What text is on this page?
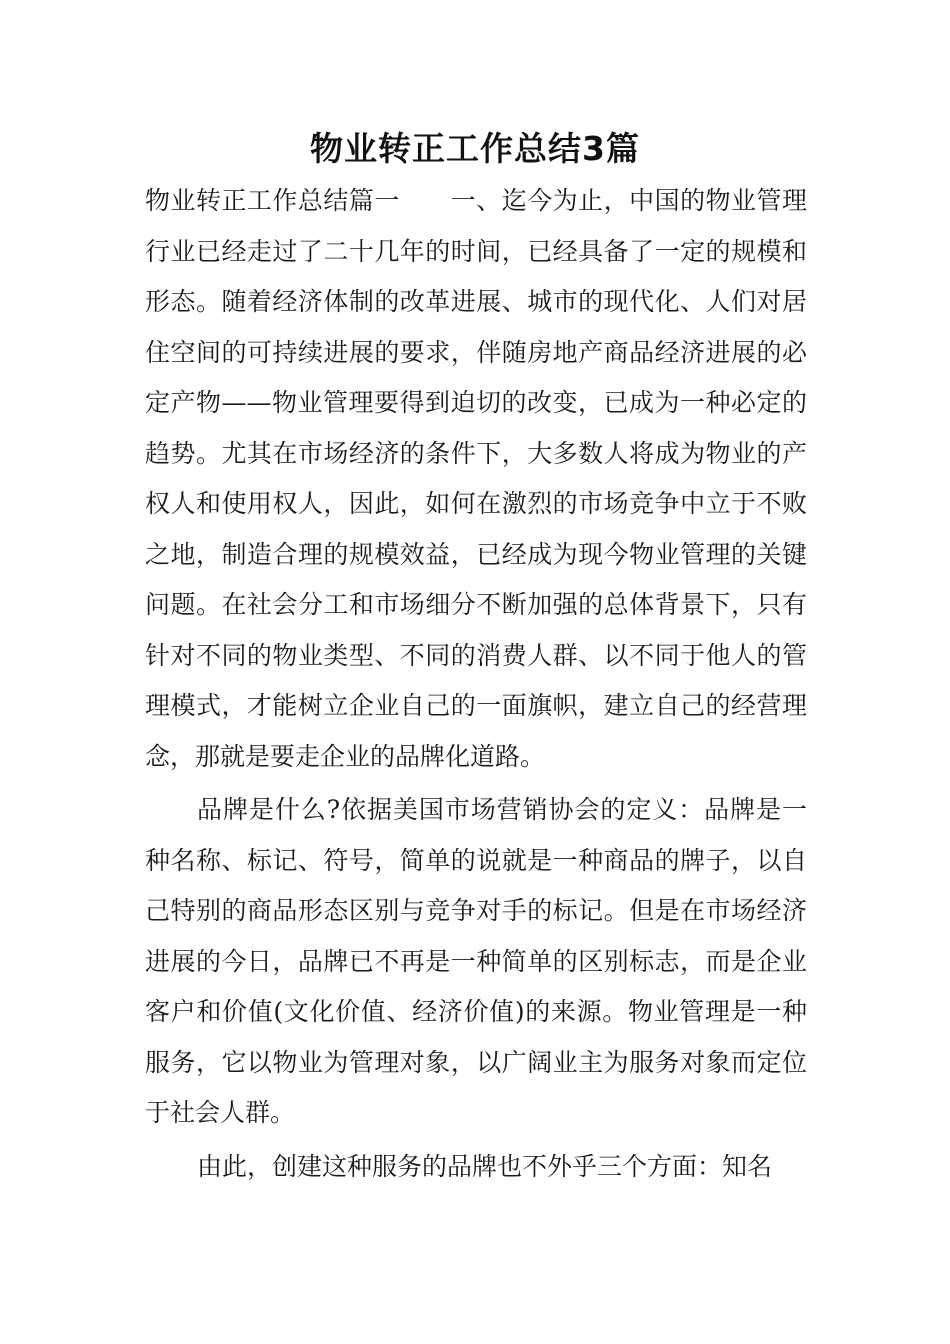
物业转正工作总结3篇

物业转正工作总结篇一　　一、迄今为止，中国的物业管理行业已经走过了二十几年的时间，已经具备了一定的规模和形态。随着经济体制的改革进展、城市的现代化、人们对居住空间的可持续进展的要求，伴随房地产商品经济进展的必定产物——物业管理要得到迫切的改变，已成为一种必定的趋势。尤其在市场经济的条件下，大多数人将成为物业的产权人和使用权人，因此，如何在激烈的市场竞争中立于不败之地，制造合理的规模效益，已经成为现今物业管理的关键问题。在社会分工和市场细分不断加强的总体背景下，只有针对不同的物业类型、不同的消费人群、以不同于他人的管理模式，才能树立企业自己的一面旗帜，建立自己的经营理念，那就是要走企业的品牌化道路。

品牌是什么?依据美国市场营销协会的定义：品牌是一种名称、标记、符号，简单的说就是一种商品的牌子，以自己特别的商品形态区别与竞争对手的标记。但是在市场经济进展的今日，品牌已不再是一种简单的区别标志，而是企业客户和价值(文化价值、经济价值)的来源。物业管理是一种服务，它以物业为管理对象，以广阔业主为服务对象而定位于社会人群。

由此，创建这种服务的品牌也不外乎三个方面：知名
